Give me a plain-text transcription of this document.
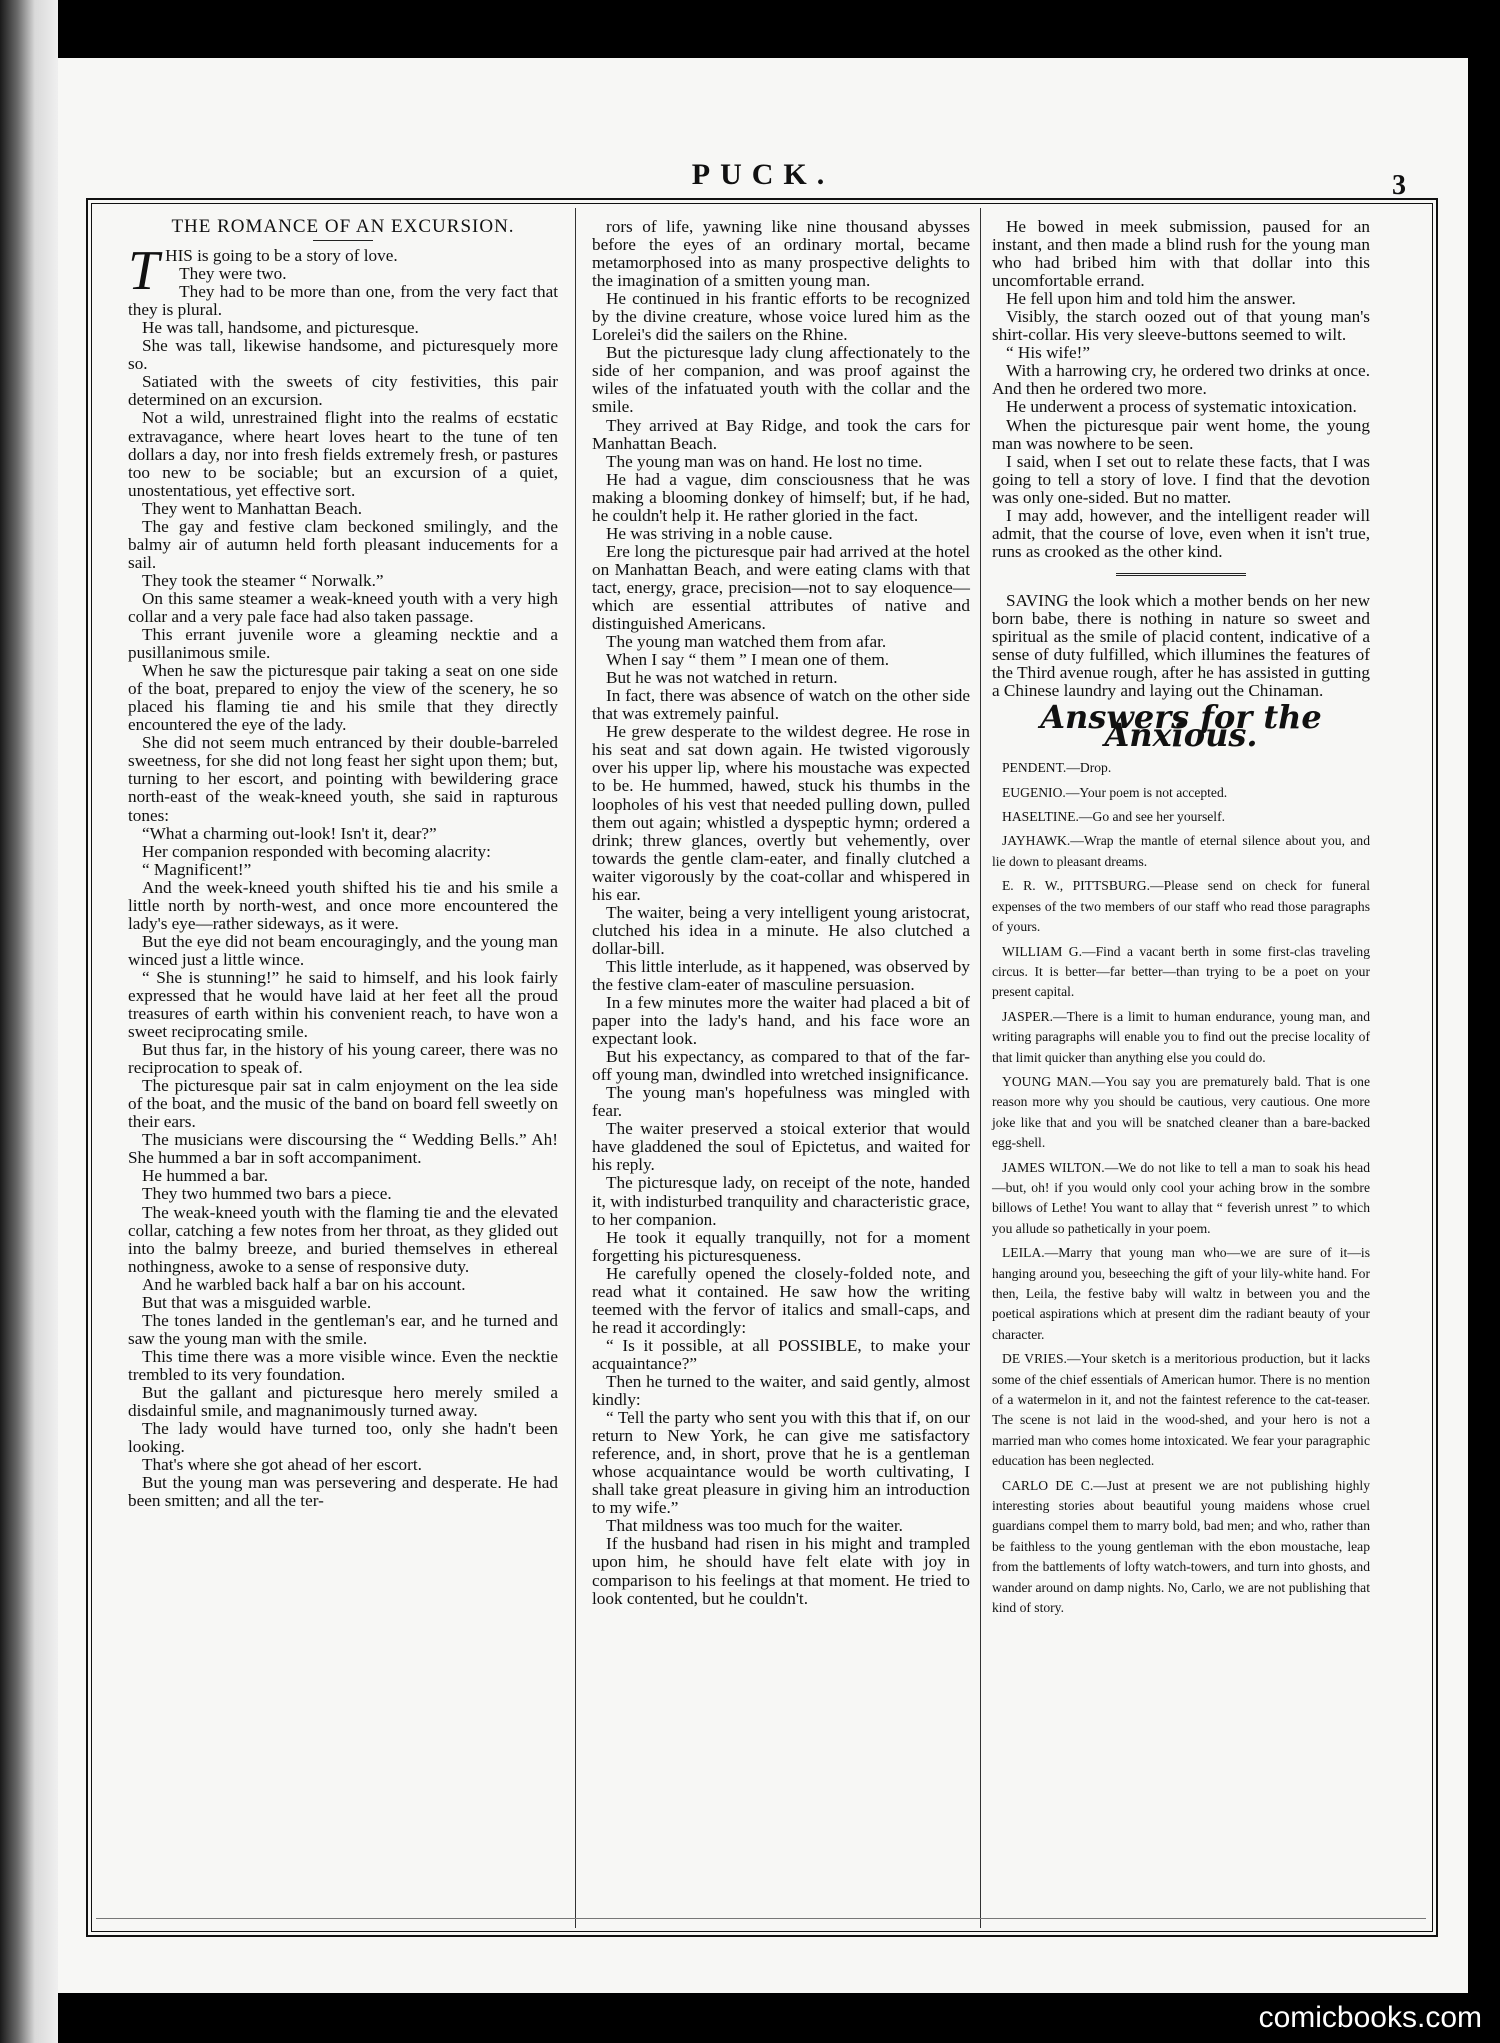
PUCK.	3
THE ROMANCE OF AN EXCURSION.

THIS is going to be a story of love.

They were two.

They had to be more than one, from the very fact that they is plural.

He was tall, handsome, and picturesque.

She was tall, likewise handsome, and picturesquely more so.

Satiated with the sweets of city festivities, this pair determined on an excursion.

Not a wild, unrestrained flight into the realms of ecstatic extravagance, where heart loves heart to the tune of ten dollars a day, nor into fresh fields extremely fresh, or pastures too new to be sociable; but an excursion of a quiet, unostentatious, yet effective sort.

They went to Manhattan Beach.

The gay and festive clam beckoned smilingly, and the balmy air of autumn held forth pleasant inducements for a sail.

They took the steamer “ Norwalk.”

On this same steamer a weak-kneed youth with a very high collar and a very pale face had also taken passage.

This errant juvenile wore a gleaming necktie and a pusillanimous smile.

When he saw the picturesque pair taking a seat on one side of the boat, prepared to enjoy the view of the scenery, he so placed his flaming tie and his smile that they directly encountered the eye of the lady.

She did not seem much entranced by their double-barreled sweetness, for she did not long feast her sight upon them; but, turning to her escort, and pointing with bewildering grace north-east of the weak-kneed youth, she said in rapturous tones:

“What a charming out-look! Isn't it, dear?”

Her companion responded with becoming alacrity:

“ Magnificent!”

And the week-kneed youth shifted his tie and his smile a little north by north-west, and once more encountered the lady's eye—rather sideways, as it were.

But the eye did not beam encouragingly, and the young man winced just a little wince.

“ She is stunning!” he said to himself, and his look fairly expressed that he would have laid at her feet all the proud treasures of earth within his convenient reach, to have won a sweet reciprocating smile.

But thus far, in the history of his young career, there was no reciprocation to speak of.

The picturesque pair sat in calm enjoyment on the lea side of the boat, and the music of the band on board fell sweetly on their ears.

The musicians were discoursing the “ Wedding Bells.” Ah! She hummed a bar in soft accompaniment.

He hummed a bar.

They two hummed two bars a piece.

The weak-kneed youth with the flaming tie and the elevated collar, catching a few notes from her throat, as they glided out into the balmy breeze, and buried themselves in ethereal nothingness, awoke to a sense of responsive duty.

And he warbled back half a bar on his account.

But that was a misguided warble.

The tones landed in the gentleman's ear, and he turned and saw the young man with the smile.

This time there was a more visible wince. Even the necktie trembled to its very foundation.

But the gallant and picturesque hero merely smiled a disdainful smile, and magnanimously turned away.

The lady would have turned too, only she hadn't been looking.

That's where she got ahead of her escort.

But the young man was persevering and desperate. He had been smitten; and all the ter-

rors of life, yawning like nine thousand abysses before the eyes of an ordinary mortal, became metamorphosed into as many prospective delights to the imagination of a smitten young man.

He continued in his frantic efforts to be recognized by the divine creature, whose voice lured him as the Lorelei's did the sailers on the Rhine.

But the picturesque lady clung affectionately to the side of her companion, and was proof against the wiles of the infatuated youth with the collar and the smile.

They arrived at Bay Ridge, and took the cars for Manhattan Beach.

The young man was on hand. He lost no time.

He had a vague, dim consciousness that he was making a blooming donkey of himself; but, if he had, he couldn't help it. He rather gloried in the fact.

He was striving in a noble cause.

Ere long the picturesque pair had arrived at the hotel on Manhattan Beach, and were eating clams with that tact, energy, grace, precision—not to say eloquence—which are essential attributes of native and distinguished Americans.

The young man watched them from afar.

When I say “ them ” I mean one of them.

But he was not watched in return.

In fact, there was absence of watch on the other side that was extremely painful.

He grew desperate to the wildest degree. He rose in his seat and sat down again. He twisted vigorously over his upper lip, where his moustache was expected to be. He hummed, hawed, stuck his thumbs in the loopholes of his vest that needed pulling down, pulled them out again; whistled a dyspeptic hymn; ordered a drink; threw glances, overtly but vehemently, over towards the gentle clam-eater, and finally clutched a waiter vigorously by the coat-collar and whispered in his ear.

The waiter, being a very intelligent young aristocrat, clutched his idea in a minute. He also clutched a dollar-bill.

This little interlude, as it happened, was observed by the festive clam-eater of masculine persuasion.

In a few minutes more the waiter had placed a bit of paper into the lady's hand, and his face wore an expectant look.

But his expectancy, as compared to that of the far-off young man, dwindled into wretched insignificance.

The young man's hopefulness was mingled with fear.

The waiter preserved a stoical exterior that would have gladdened the soul of Epictetus, and waited for his reply.

The picturesque lady, on receipt of the note, handed it, with indisturbed tranquility and characteristic grace, to her companion.

He took it equally tranquilly, not for a moment forgetting his picturesqueness.

He carefully opened the closely-folded note, and read what it contained. He saw how the writing teemed with the fervor of italics and small-caps, and he read it accordingly:

“ Is it possible, at all POSSIBLE, to make your acquaintance?”

Then he turned to the waiter, and said gently, almost kindly:

“ Tell the party who sent you with this that if, on our return to New York, he can give me satisfactory reference, and, in short, prove that he is a gentleman whose acquaintance would be worth cultivating, I shall take great pleasure in giving him an introduction to my wife.”

That mildness was too much for the waiter.

If the husband had risen in his might and trampled upon him, he should have felt elate with joy in comparison to his feelings at that moment. He tried to look contented, but he couldn't.

He bowed in meek submission, paused for an instant, and then made a blind rush for the young man who had bribed him with that dollar into this uncomfortable errand.

He fell upon him and told him the answer.

Visibly, the starch oozed out of that young man's shirt-collar. His very sleeve-buttons seemed to wilt.

“ His wife!”

With a harrowing cry, he ordered two drinks at once. And then he ordered two more.

He underwent a process of systematic intoxication.

When the picturesque pair went home, the young man was nowhere to be seen.

I said, when I set out to relate these facts, that I was going to tell a story of love. I find that the devotion was only one-sided. But no matter.

I may add, however, and the intelligent reader will admit, that the course of love, even when it isn't true, runs as crooked as the other kind.

SAVING the look which a mother bends on her new born babe, there is nothing in nature so sweet and spiritual as the smile of placid content, indicative of a sense of duty fulfilled, which illumines the features of the Third avenue rough, after he has assisted in gutting a Chinese laundry and laying out the Chinaman.

Answers for the Anxious.

PENDENT.—Drop.

EUGENIO.—Your poem is not accepted.

HASELTINE.—Go and see her yourself.

JAYHAWK.—Wrap the mantle of eternal silence about you, and lie down to pleasant dreams.

E. R. W., PITTSBURG.—Please send on check for funeral expenses of the two members of our staff who read those paragraphs of yours.

WILLIAM G.—Find a vacant berth in some first-clas traveling circus. It is better—far better—than trying to be a poet on your present capital.

JASPER.—There is a limit to human endurance, young man, and writing paragraphs will enable you to find out the precise locality of that limit quicker than anything else you could do.

YOUNG MAN.—You say you are prematurely bald. That is one reason more why you should be cautious, very cautious. One more joke like that and you will be snatched cleaner than a bare-backed egg-shell.

JAMES WILTON.—We do not like to tell a man to soak his head—but, oh! if you would only cool your aching brow in the sombre billows of Lethe! You want to allay that “ feverish unrest ” to which you allude so pathetically in your poem.

LEILA.—Marry that young man who—we are sure of it—is hanging around you, beseeching the gift of your lily-white hand. For then, Leila, the festive baby will waltz in between you and the poetical aspirations which at present dim the radiant beauty of your character.

DE VRIES.—Your sketch is a meritorious production, but it lacks some of the chief essentials of American humor. There is no mention of a watermelon in it, and not the faintest reference to the cat-teaser. The scene is not laid in the wood-shed, and your hero is not a married man who comes home intoxicated. We fear your paragraphic education has been neglected.

CARLO DE C.—Just at present we are not publishing highly interesting stories about beautiful young maidens whose cruel guardians compel them to marry bold, bad men; and who, rather than be faithless to the young gentleman with the ebon moustache, leap from the battlements of lofty watch-towers, and turn into ghosts, and wander around on damp nights. No, Carlo, we are not publishing that kind of story.

comicbooks.com
